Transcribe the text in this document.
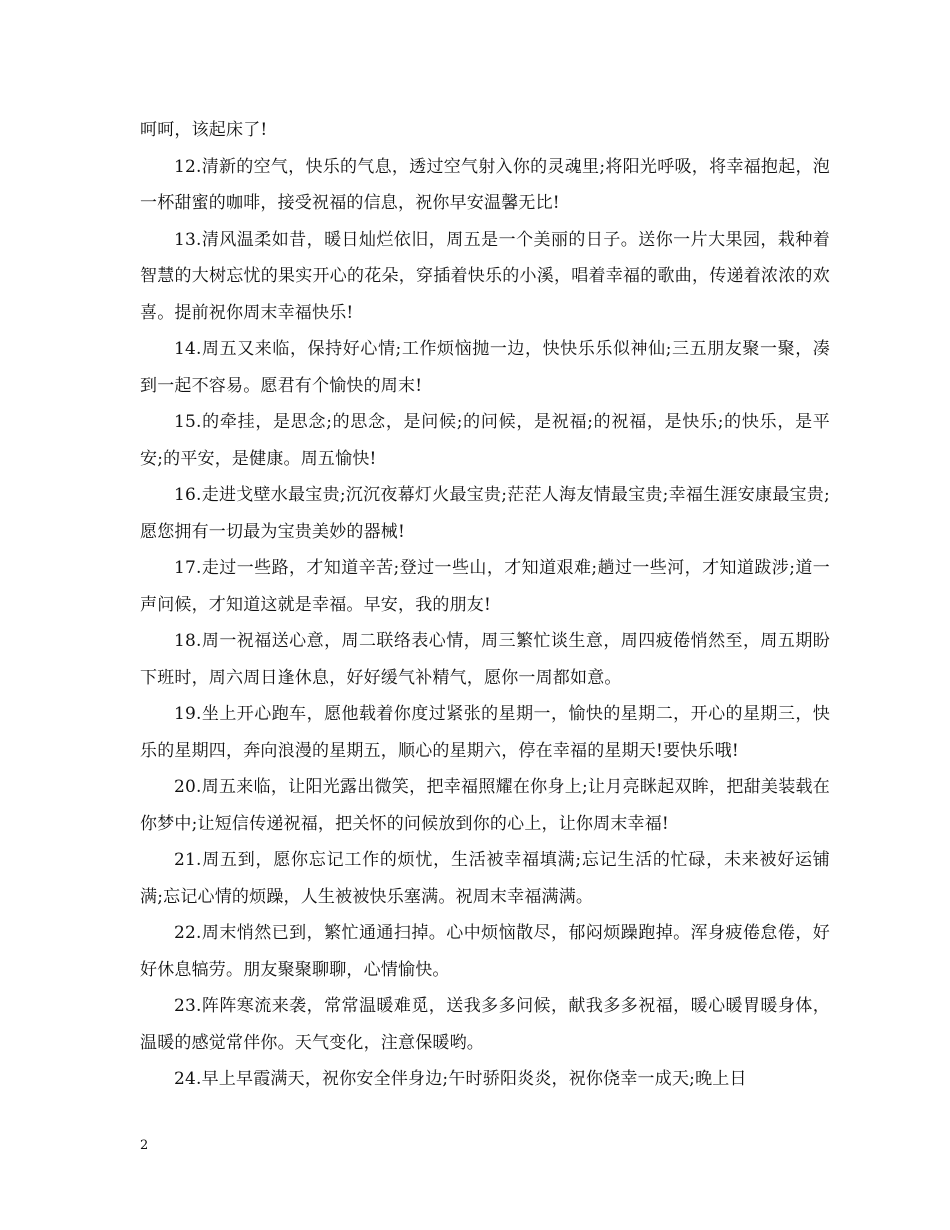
呵呵，该起床了!

12.清新的空气，快乐的气息，透过空气射入你的灵魂里;将阳光呼吸，将幸福抱起，泡一杯甜蜜的咖啡，接受祝福的信息，祝你早安温馨无比!

13.清风温柔如昔，暖日灿烂依旧，周五是一个美丽的日子。送你一片大果园，栽种着智慧的大树忘忧的果实开心的花朵，穿插着快乐的小溪，唱着幸福的歌曲，传递着浓浓的欢喜。提前祝你周末幸福快乐!

14.周五又来临，保持好心情;工作烦恼抛一边，快快乐乐似神仙;三五朋友聚一聚，凑到一起不容易。愿君有个愉快的周末!

15.的牵挂，是思念;的思念，是问候;的问候，是祝福;的祝福，是快乐;的快乐，是平安;的平安，是健康。周五愉快!

16.走进戈壁水最宝贵;沉沉夜幕灯火最宝贵;茫茫人海友情最宝贵;幸福生涯安康最宝贵;愿您拥有一切最为宝贵美妙的器械!

17.走过一些路，才知道辛苦;登过一些山，才知道艰难;趟过一些河，才知道跋涉;道一声问候，才知道这就是幸福。早安，我的朋友!

18.周一祝福送心意，周二联络表心情，周三繁忙谈生意，周四疲倦悄然至，周五期盼下班时，周六周日逢休息，好好缓气补精气，愿你一周都如意。

19.坐上开心跑车，愿他载着你度过紧张的星期一，愉快的星期二，开心的星期三，快乐的星期四，奔向浪漫的星期五，顺心的星期六，停在幸福的星期天!要快乐哦!

20.周五来临，让阳光露出微笑，把幸福照耀在你身上;让月亮眯起双眸，把甜美装载在你梦中;让短信传递祝福，把关怀的问候放到你的心上，让你周末幸福!

21.周五到，愿你忘记工作的烦忧，生活被幸福填满;忘记生活的忙碌，未来被好运铺满;忘记心情的烦躁，人生被被快乐塞满。祝周末幸福满满。

22.周末悄然已到，繁忙通通扫掉。心中烦恼散尽，郁闷烦躁跑掉。浑身疲倦怠倦，好好休息犒劳。朋友聚聚聊聊，心情愉快。

23.阵阵寒流来袭，常常温暖难觅，送我多多问候，献我多多祝福，暖心暖胃暖身体，温暖的感觉常伴你。天气变化，注意保暖哟。

24.早上早霞满天，祝你安全伴身边;午时骄阳炎炎，祝你侥幸一成天;晚上日

2
